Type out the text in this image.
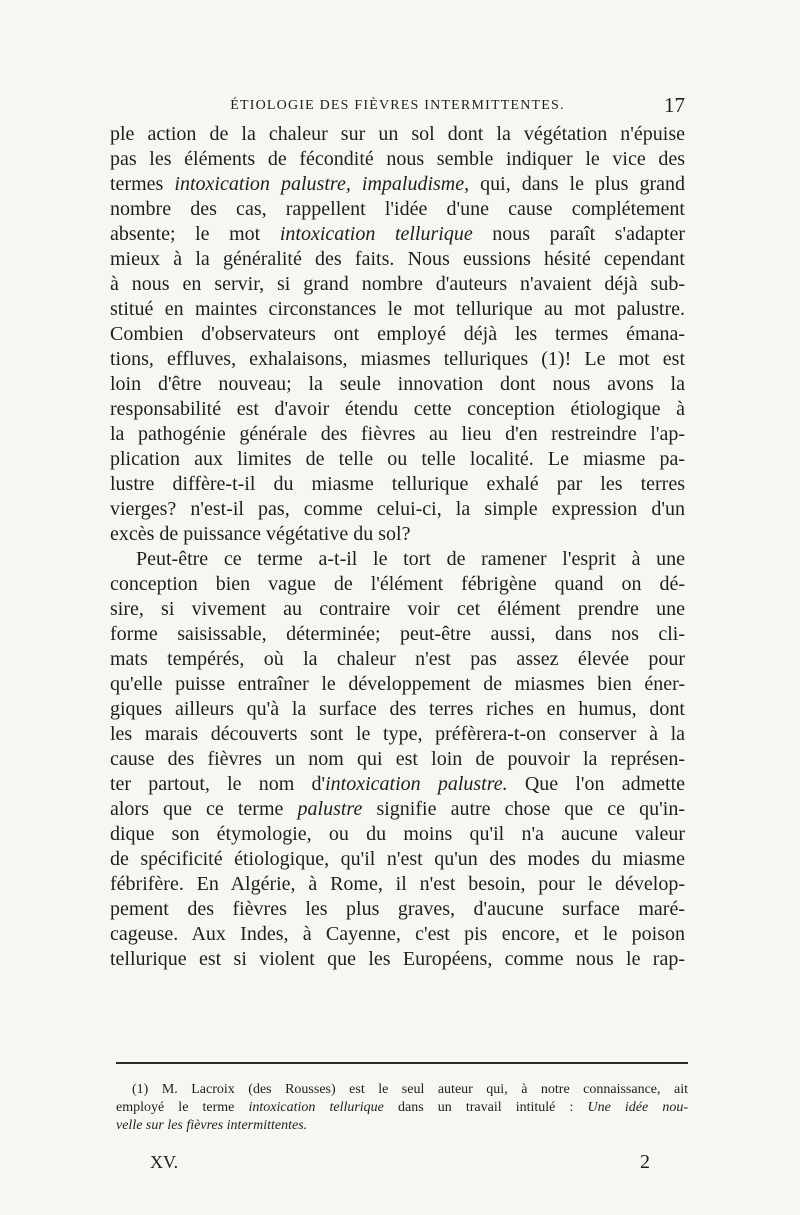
ÉTIOLOGIE DES FIÈVRES INTERMITTENTES.	17
ple action de la chaleur sur un sol dont la végétation n'épuise
pas les éléments de fécondité nous semble indiquer le vice des
termes intoxication palustre, impaludisme, qui, dans le plus grand
nombre des cas, rappellent l'idée d'une cause complétement
absente; le mot intoxication tellurique nous paraît s'adapter
mieux à la généralité des faits. Nous eussions hésité cependant
à nous en servir, si grand nombre d'auteurs n'avaient déjà sub-
stitué en maintes circonstances le mot tellurique au mot palustre.
Combien d'observateurs ont employé déjà les termes émana-
tions, effluves, exhalaisons, miasmes telluriques (1)! Le mot est
loin d'être nouveau; la seule innovation dont nous avons la
responsabilité est d'avoir étendu cette conception étiologique à
la pathogénie générale des fièvres au lieu d'en restreindre l'ap-
plication aux limites de telle ou telle localité. Le miasme pa-
lustre diffère-t-il du miasme tellurique exhalé par les terres
vierges? n'est-il pas, comme celui-ci, la simple expression d'un
excès de puissance végétative du sol?
Peut-être ce terme a-t-il le tort de ramener l'esprit à une
conception bien vague de l'élément fébrigène quand on dé-
sire, si vivement au contraire voir cet élément prendre une
forme saisissable, déterminée; peut-être aussi, dans nos cli-
mats tempérés, où la chaleur n'est pas assez élevée pour
qu'elle puisse entraîner le développement de miasmes bien éner-
giques ailleurs qu'à la surface des terres riches en humus, dont
les marais découverts sont le type, préfèrera-t-on conserver à la
cause des fièvres un nom qui est loin de pouvoir la représen-
ter partout, le nom d'intoxication palustre. Que l'on admette
alors que ce terme palustre signifie autre chose que ce qu'in-
dique son étymologie, ou du moins qu'il n'a aucune valeur
de spécificité étiologique, qu'il n'est qu'un des modes du miasme
fébrifère. En Algérie, à Rome, il n'est besoin, pour le dévelop-
pement des fièvres les plus graves, d'aucune surface maré-
cageuse. Aux Indes, à Cayenne, c'est pis encore, et le poison
tellurique est si violent que les Européens, comme nous le rap-
(1) M. Lacroix (des Rousses) est le seul auteur qui, à notre connaissance, ait
employé le terme intoxication tellurique dans un travail intitulé : Une idée nou-
velle sur les fièvres intermittentes.
XV.	2
